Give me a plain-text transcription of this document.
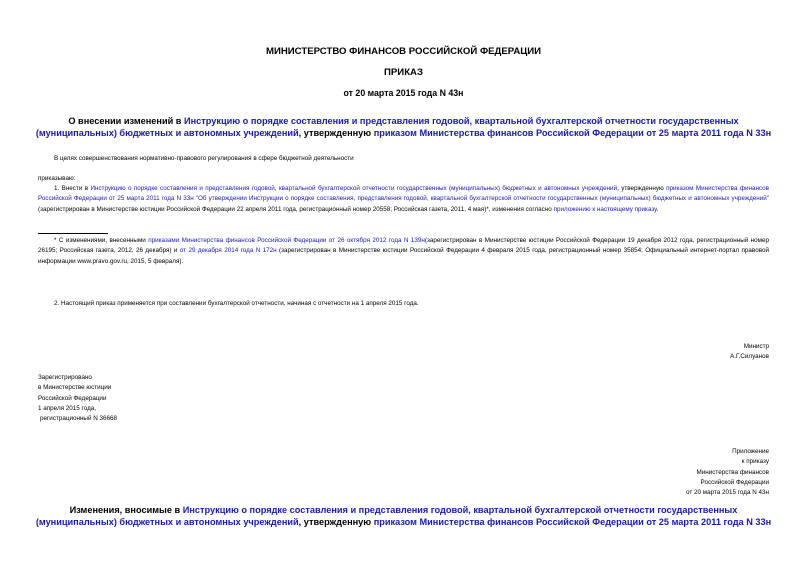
МИНИСТЕРСТВО ФИНАНСОВ РОССИЙСКОЙ ФЕДЕРАЦИИ
ПРИКАЗ
от 20 марта 2015 года N 43н
О внесении изменений в Инструкцию о порядке составления и представления годовой, квартальной бухгалтерской отчетности государственных (муниципальных) бюджетных и автономных учреждений, утвержденную приказом Министерства финансов Российской Федерации от 25 марта 2011 года N 33н
В целях совершенствования нормативно-правового регулирования в сфере бюджетной деятельности
приказываю:
1. Внести в Инструкцию о порядке составления и представления годовой, квартальной бухгалтерской отчетности государственных (муниципальных) бюджетных и автономных учреждений, утвержденную приказом Министерства финансов Российской Федерации от 25 марта 2011 года N 33н "Об утверждении Инструкции о порядке составления, представления годовой, квартальной бухгалтерской отчетности государственных (муниципальных) бюджетных и автономных учреждений" (зарегистрирован в Министерстве юстиции Российской Федерации 22 апреля 2011 года, регистрационный номер 20558; Российская газета, 2011, 4 мая)*, изменения согласно приложению к настоящему приказу.
* С изменениями, внесенными приказами Министерства финансов Российской Федерации от 26 октября 2012 года N 139н(зарегистрирован в Министерстве юстиции Российской Федерации 19 декабря 2012 года, регистрационный номер 26195; Российская газета, 2012, 26 декабря) и от 29 декабря 2014 года N 172н (зарегистрирован в Министерстве юстиции Российской Федерации 4 февраля 2015 года, регистрационный номер 35854; Официальный интернет-портал правовой информации www.pravo.gov.ru, 2015, 5 февраля).
2. Настоящий приказ применяется при составлении бухгалтерской отчетности, начиная с отчетности на 1 апреля 2015 года.
Министр
А.Г.Силуанов
Зарегистрировано
в Министерстве юстиции
Российской Федерации
1 апреля 2015 года,
регистрационный N 36668
Приложение
к приказу
Министерства финансов
Российской Федерации
от 20 марта 2015 года N 43н
Изменения, вносимые в Инструкцию о порядке составления и представления годовой, квартальной бухгалтерской отчетности государственных (муниципальных) бюджетных и автономных учреждений, утвержденную приказом Министерства финансов Российской Федерации от 25 марта 2011 года N 33н
